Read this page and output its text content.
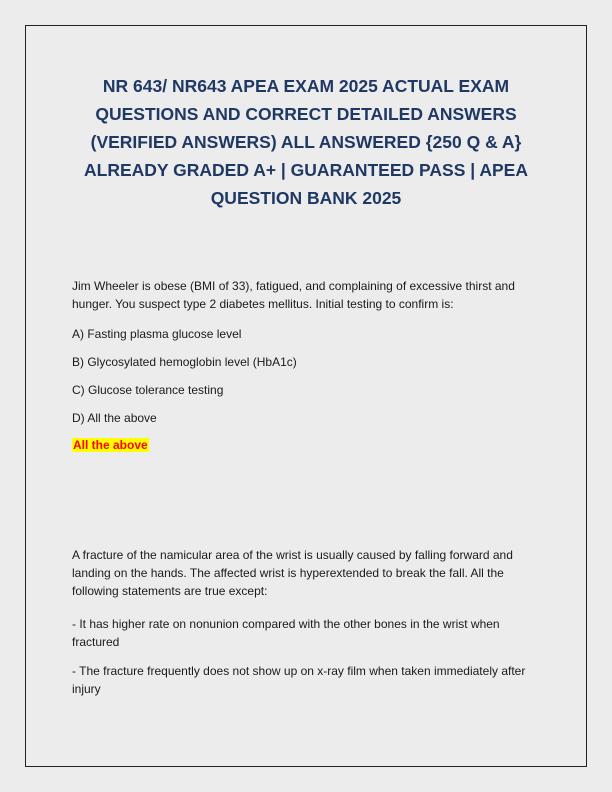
NR 643/ NR643 APEA EXAM 2025 ACTUAL EXAM QUESTIONS AND CORRECT DETAILED ANSWERS (VERIFIED ANSWERS) ALL ANSWERED {250 Q & A} ALREADY GRADED A+ | GUARANTEED PASS | APEA QUESTION BANK 2025

Jim Wheeler is obese (BMI of 33), fatigued, and complaining of excessive thirst and hunger. You suspect type 2 diabetes mellitus. Initial testing to confirm is:

A) Fasting plasma glucose level

B) Glycosylated hemoglobin level (HbA1c)

C) Glucose tolerance testing

D) All the above

All the above

A fracture of the namicular area of the wrist is usually caused by falling forward and landing on the hands. The affected wrist is hyperextended to break the fall. All the following statements are true except:

- It has higher rate on nonunion compared with the other bones in the wrist when fractured

- The fracture frequently does not show up on x-ray film when taken immediately after injury
